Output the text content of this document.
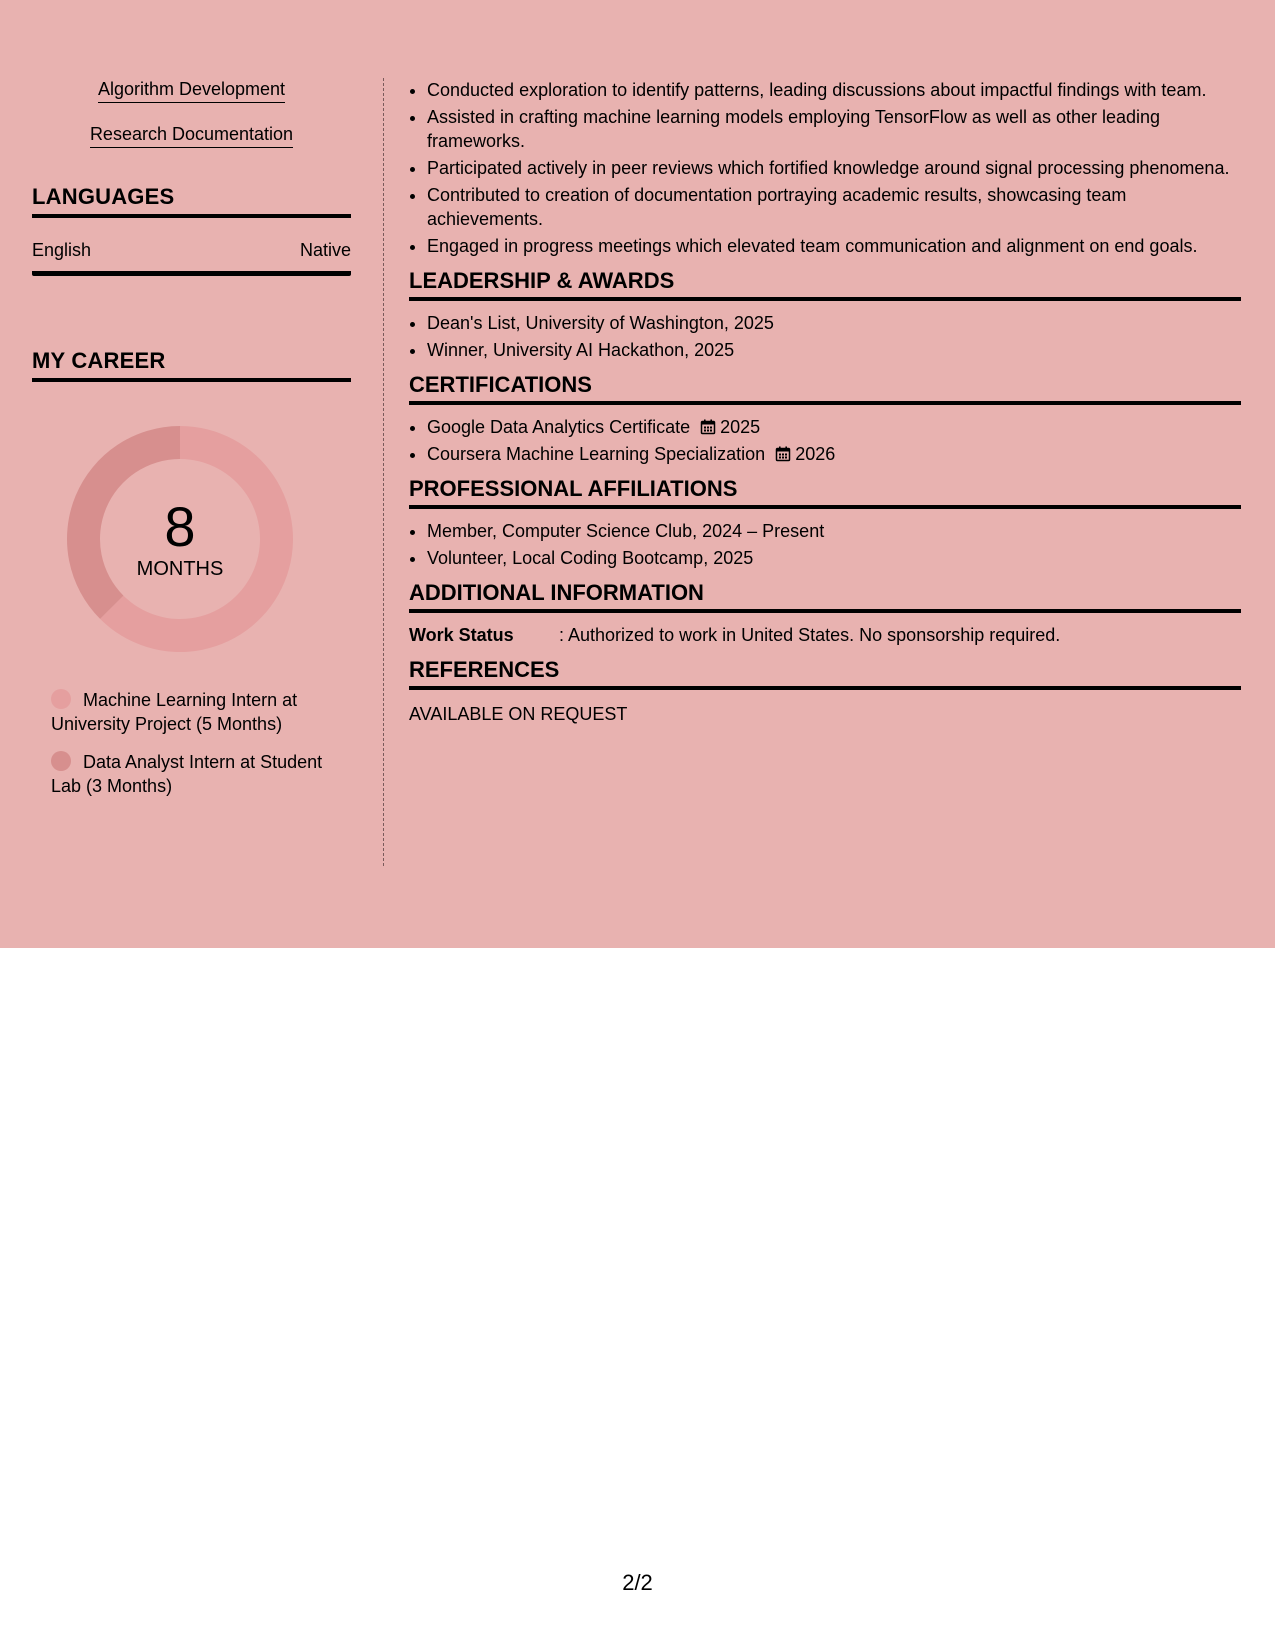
Algorithm Development
Research Documentation
LANGUAGES
English	Native
MY CAREER
8
MONTHS
Machine Learning Intern at University Project (5 Months)
Data Analyst Intern at Student Lab (3 Months)
• Conducted exploration to identify patterns, leading discussions about impactful findings with team.
• Assisted in crafting machine learning models employing TensorFlow as well as other leading frameworks.
• Participated actively in peer reviews which fortified knowledge around signal processing phenomena.
• Contributed to creation of documentation portraying academic results, showcasing team achievements.
• Engaged in progress meetings which elevated team communication and alignment on end goals.
LEADERSHIP & AWARDS
• Dean's List, University of Washington, 2025
• Winner, University AI Hackathon, 2025
CERTIFICATIONS
• Google Data Analytics Certificate 2025
• Coursera Machine Learning Specialization 2026
PROFESSIONAL AFFILIATIONS
• Member, Computer Science Club, 2024 – Present
• Volunteer, Local Coding Bootcamp, 2025
ADDITIONAL INFORMATION
Work Status	: Authorized to work in United States. No sponsorship required.
REFERENCES
AVAILABLE ON REQUEST
2/2
